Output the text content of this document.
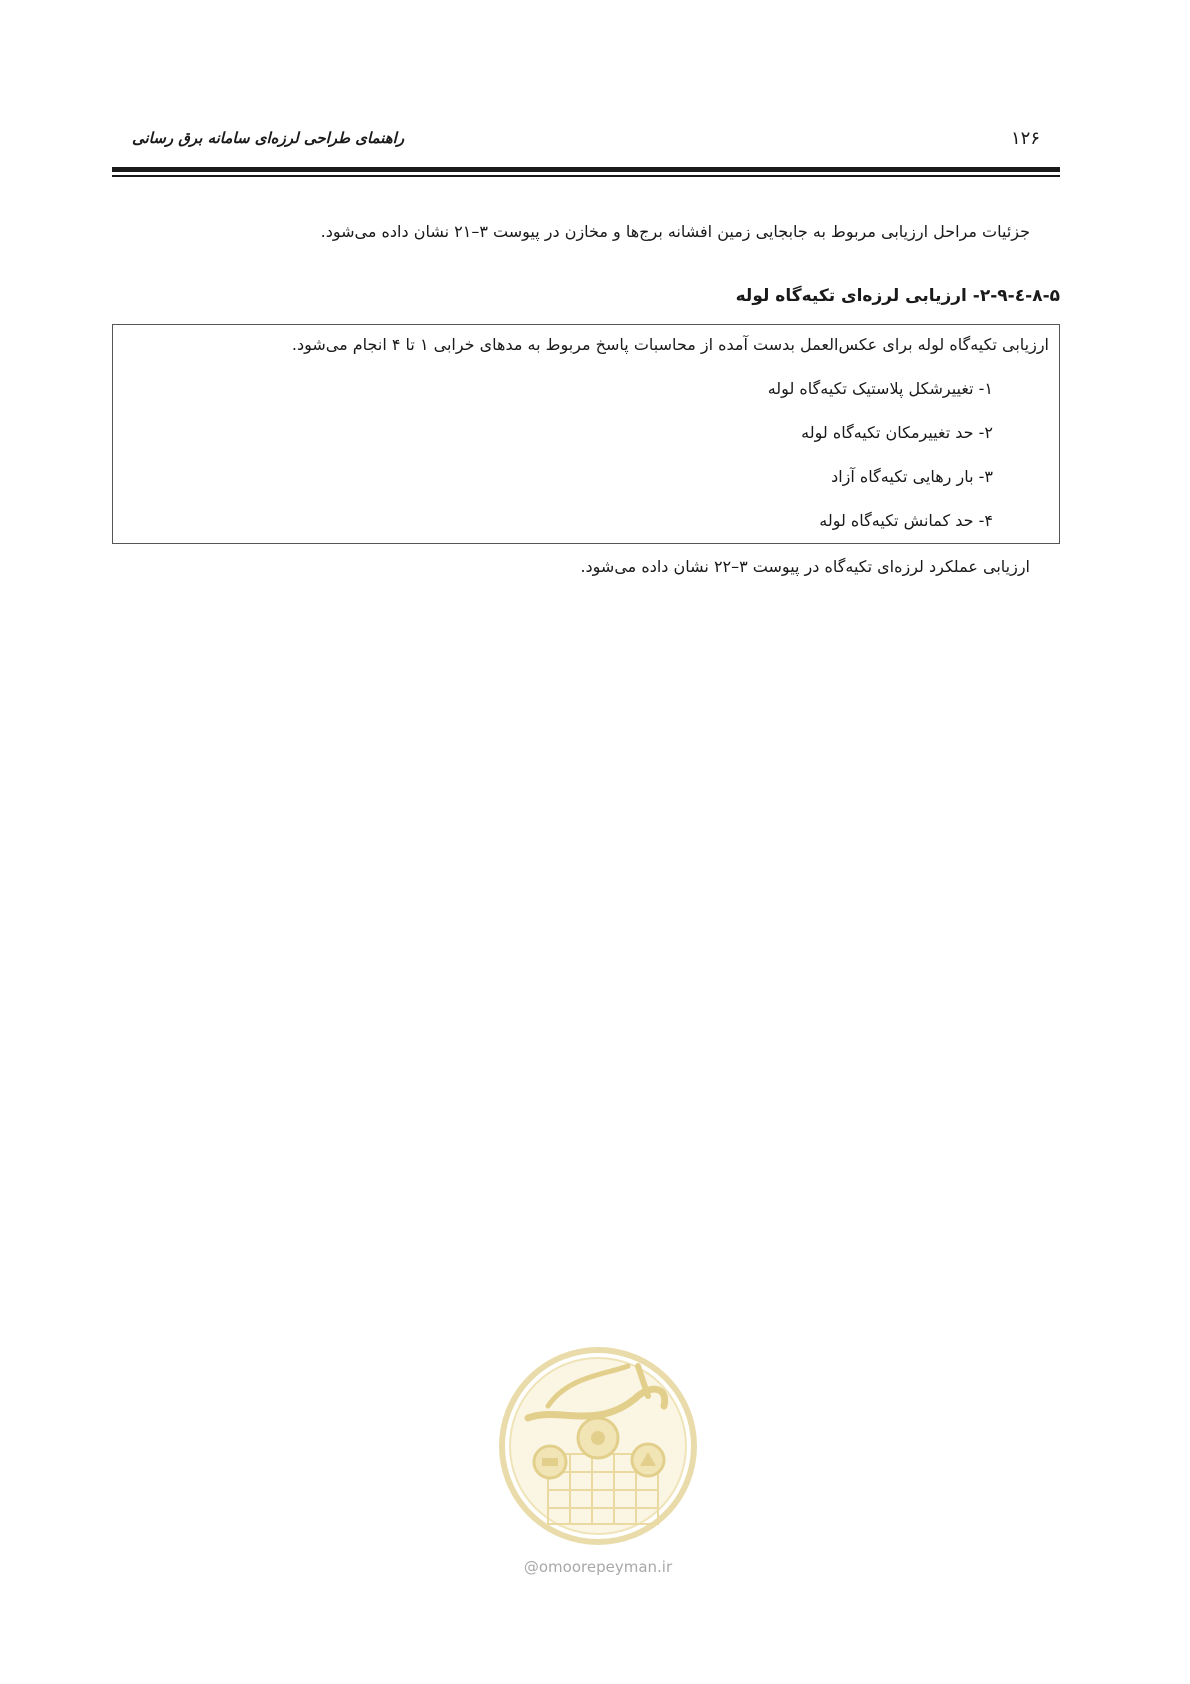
۱۲۶
راهنمای طراحی لرزه‌ای سامانه برق رسانی
جزئیات مراحل ارزیابی مربوط به جابجایی زمین افشانه برج‌ها و مخازن در پیوست ۳–۲۱ نشان داده می‌شود.
۸-۵-٤-۲-۹- ارزیابی لرزه‌ای تکیه‌گاه لوله
ارزیابی تکیه‌گاه لوله برای عکس‌العمل بدست آمده از محاسبات پاسخ مربوط به مدهای خرابی ۱ تا ۴ انجام می‌شود.
۱- تغییرشکل پلاستیک تکیه‌گاه لوله
۲- حد تغییرمکان تکیه‌گاه لوله
۳- بار رهایی تکیه‌گاه آزاد
۴- حد کمانش تکیه‌گاه لوله
ارزیابی عملکرد لرزه‌ای تکیه‌گاه در پیوست ۳–۲۲ نشان داده می‌شود.
@omoorepeyman.ir
